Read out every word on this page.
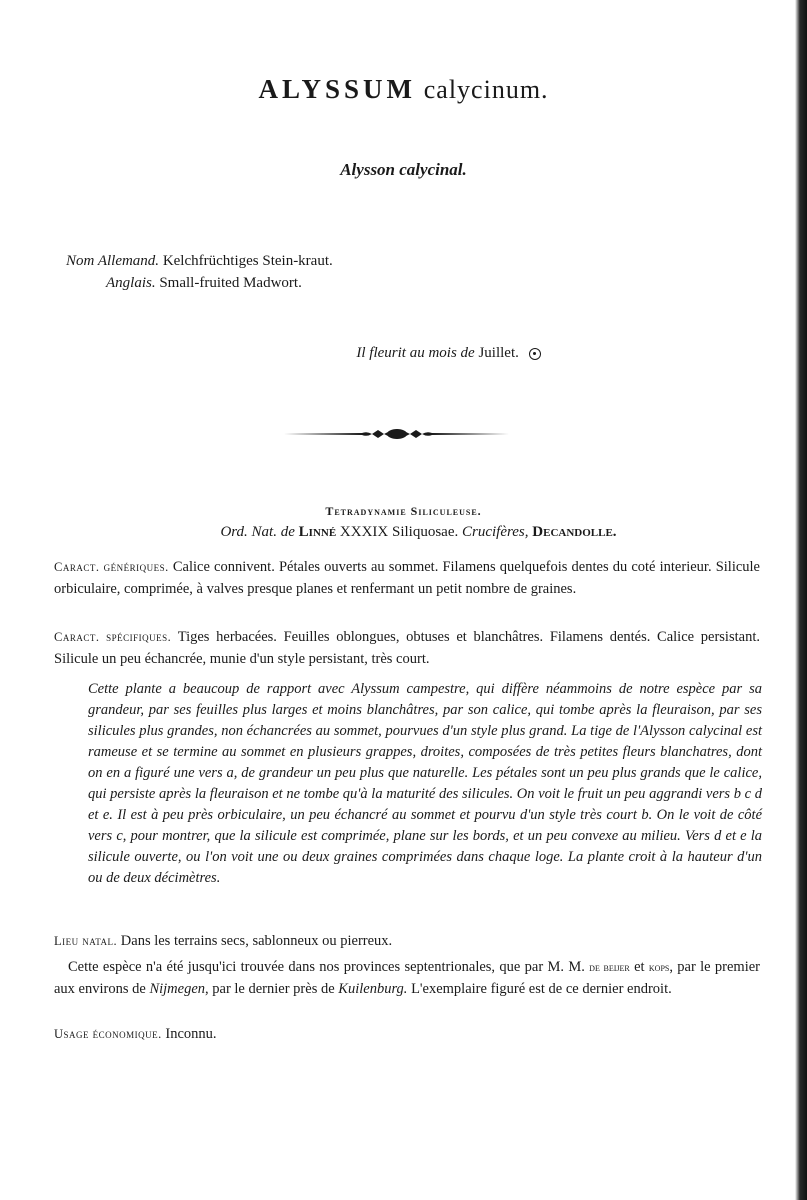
ALYSSUM calycinum.
Alysson calycinal.
Nom Allemand. Kelchfrüchtiges Stein-kraut.
Anglais. Small-fruited Madwort.
Il fleurit au mois de Juillet.
Tetradynamie Siliculeuse.
Ord. Nat. de Linné XXXIX Siliquosae. Crucifères, Decandolle.
Caract. génériques. Calice connivent. Pétales ouverts au sommet. Filamens quelquefois dentes du coté interieur. Silicule orbiculaire, comprimée, à valves presque planes et renfermant un petit nombre de graines.
Caract. spécifiques. Tiges herbacées. Feuilles oblongues, obtuses et blanchâtres. Filamens dentés. Calice persistant. Silicule un peu échancrée, munie d'un style persistant, très court.
Cette plante a beaucoup de rapport avec Alyssum campestre, qui diffère néammoins de notre espèce par sa grandeur, par ses feuilles plus larges et moins blanchâtres, par son calice, qui tombe après la fleuraison, par ses silicules plus grandes, non échancrées au sommet, pourvues d'un style plus grand. La tige de l'Alysson calycinal est rameuse et se termine au sommet en plusieurs grappes, droites, composées de très petites fleurs blanchatres, dont on en a figuré une vers a, de grandeur un peu plus que naturelle. Les pétales sont un peu plus grands que le calice, qui persiste après la fleuraison et ne tombe qu'à la maturité des silicules. On voit le fruit un peu aggrandi vers b c d et e. Il est à peu près orbiculaire, un peu échancré au sommet et pourvu d'un style très court b. On le voit de côté vers c, pour montrer, que la silicule est comprimée, plane sur les bords, et un peu convexe au milieu. Vers d et e la silicule ouverte, ou l'on voit une ou deux graines comprimées dans chaque loge. La plante croit à la hauteur d'un ou de deux décimètres.
Lieu natal. Dans les terrains secs, sablonneux ou pierreux.
Cette espèce n'a été jusqu'ici trouvée dans nos provinces septentrionales, que par M. M. de beijer et kops, par le premier aux environs de Nijmegen, par le dernier près de Kuilenburg. L'exemplaire figuré est de ce dernier endroit.
Usage économique. Inconnu.
